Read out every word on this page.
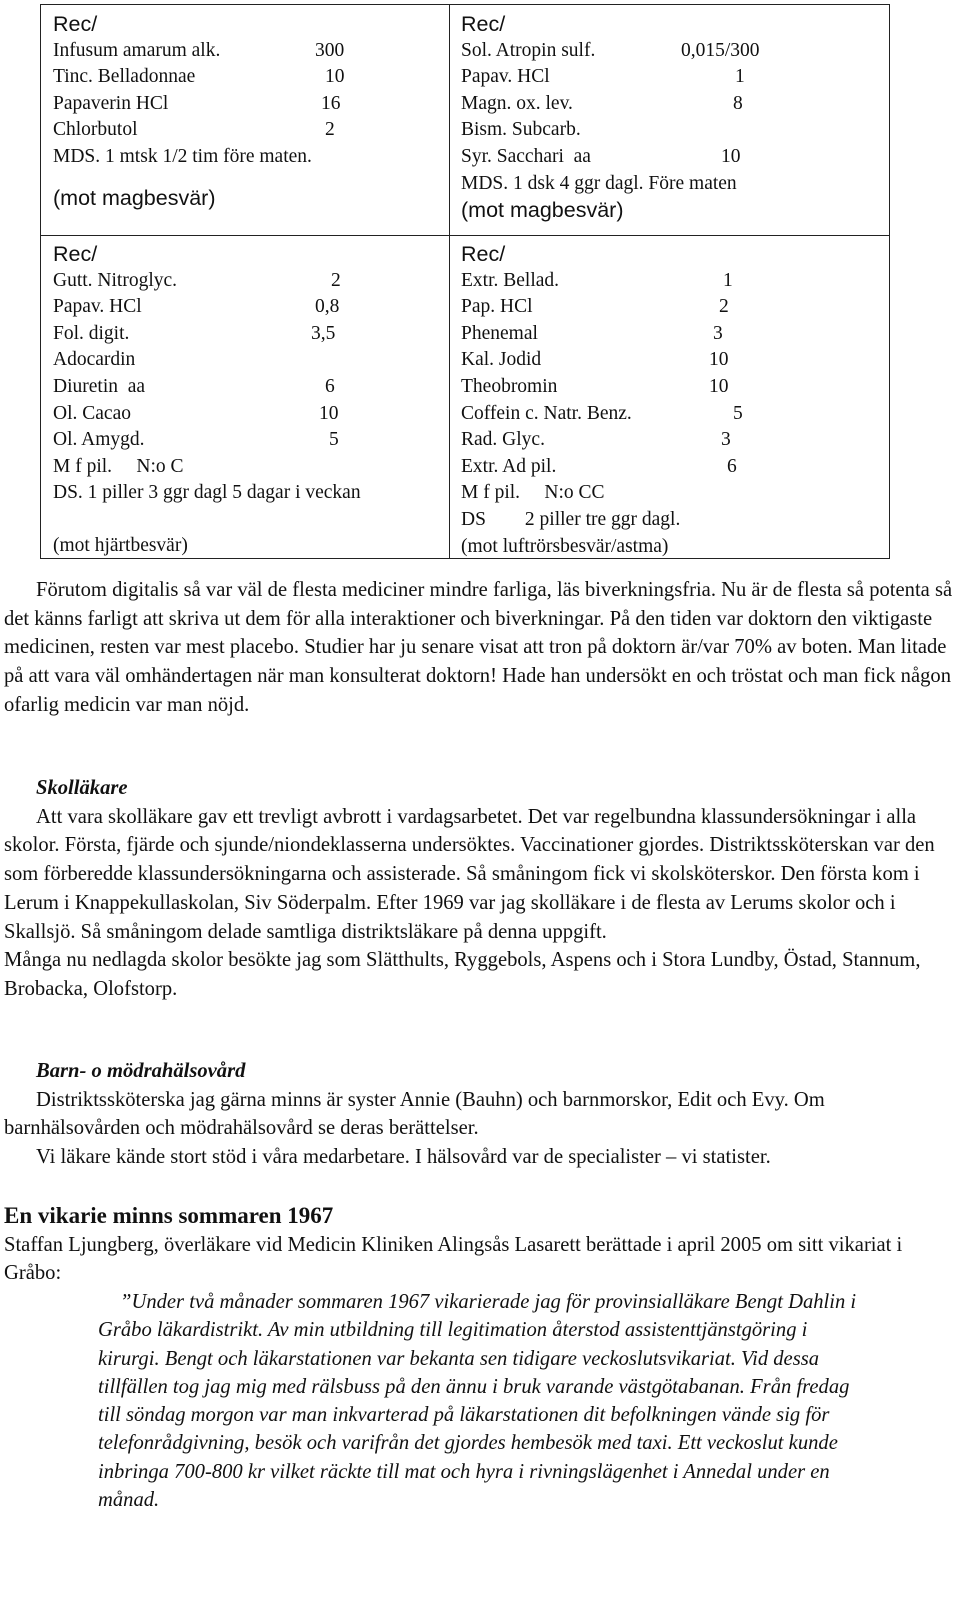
Rec/
Infusum amarum alk.	300
Tinc. Belladonnae	10
Papaverin HCl	16
Chlorbutol	2
MDS. 1 mtsk 1/2 tim före maten.
(mot magbesvär)
Rec/
Sol. Atropin sulf.	0,015/300
Papav. HCl	1
Magn. ox. lev.	8
Bism. Subcarb.
Syr. Sacchari  aa	10
MDS. 1 dsk 4 ggr dagl. Före maten
(mot magbesvär)
Rec/
Gutt. Nitroglyc.	2
Papav. HCl	0,8
Fol. digit.	3,5
Adocardin
Diuretin  aa	6
Ol. Cacao	10
Ol. Amygd.	5
M f pil.     N:o C
DS. 1 piller 3 ggr dagl 5 dagar i veckan
(mot hjärtbesvär)
Rec/
Extr. Bellad.	1
Pap. HCl	2
Phenemal	3
Kal. Jodid	10
Theobromin	10
Coffein c. Natr. Benz.	5
Rad. Glyc.	3
Extr. Ad pil.	6
M f pil.     N:o CC
DS        2 piller tre ggr dagl.
(mot luftrörsbesvär/astma)

Förutom digitalis så var väl de flesta mediciner mindre farliga, läs biverkningsfria. Nu är de flesta så potenta så det känns farligt att skriva ut dem för alla interaktioner och biverkningar. På den tiden var doktorn den viktigaste medicinen, resten var mest placebo. Studier har ju senare visat att tron på doktorn är/var 70% av boten. Man litade på att vara väl omhändertagen när man konsulterat doktorn! Hade han undersökt en och tröstat och man fick någon ofarlig medicin var man nöjd.

Skolläkare

Att vara skolläkare gav ett trevligt avbrott i vardagsarbetet. Det var regelbundna klassundersökningar i alla skolor. Första, fjärde och sjunde/niondeklasserna undersöktes. Vaccinationer gjordes. Distriktssköterskan var den som förberedde klassundersökningarna och assisterade. Så småningom fick vi skolsköterskor. Den första kom i Lerum i Knappekullaskolan, Siv Söderpalm. Efter 1969 var jag skolläkare i de flesta av Lerums skolor och i Skallsjö. Så småningom delade samtliga distriktsläkare på denna uppgift.

Många nu nedlagda skolor besökte jag som Slätthults, Ryggebols, Aspens och i Stora Lundby, Östad, Stannum, Brobacka, Olofstorp.

Barn- o mödrahälsovård

Distriktssköterska jag gärna minns är syster Annie (Bauhn) och barnmorskor, Edit och Evy. Om barnhälsovården och mödrahälsovård se deras berättelser.

Vi läkare kände stort stöd i våra medarbetare. I hälsovård var de specialister – vi statister.

En vikarie minns sommaren 1967

Staffan Ljungberg, överläkare vid Medicin Kliniken Alingsås Lasarett berättade i april 2005 om sitt vikariat i Gråbo:

”Under två månader sommaren 1967 vikarierade jag för provinsialläkare Bengt Dahlin i Gråbo läkardistrikt. Av min utbildning till legitimation återstod assistenttjänstgöring i kirurgi. Bengt och läkarstationen var bekanta sen tidigare veckoslutsvikariat. Vid dessa tillfällen tog jag mig med rälsbuss på den ännu i bruk varande västgötabanan. Från fredag till söndag morgon var man inkvarterad på läkarstationen dit befolkningen vände sig för telefonrådgivning, besök och varifrån det gjordes hembesök med taxi. Ett veckoslut kunde inbringa 700-800 kr vilket räckte till mat och hyra i rivningslägenhet i Annedal under en månad.
